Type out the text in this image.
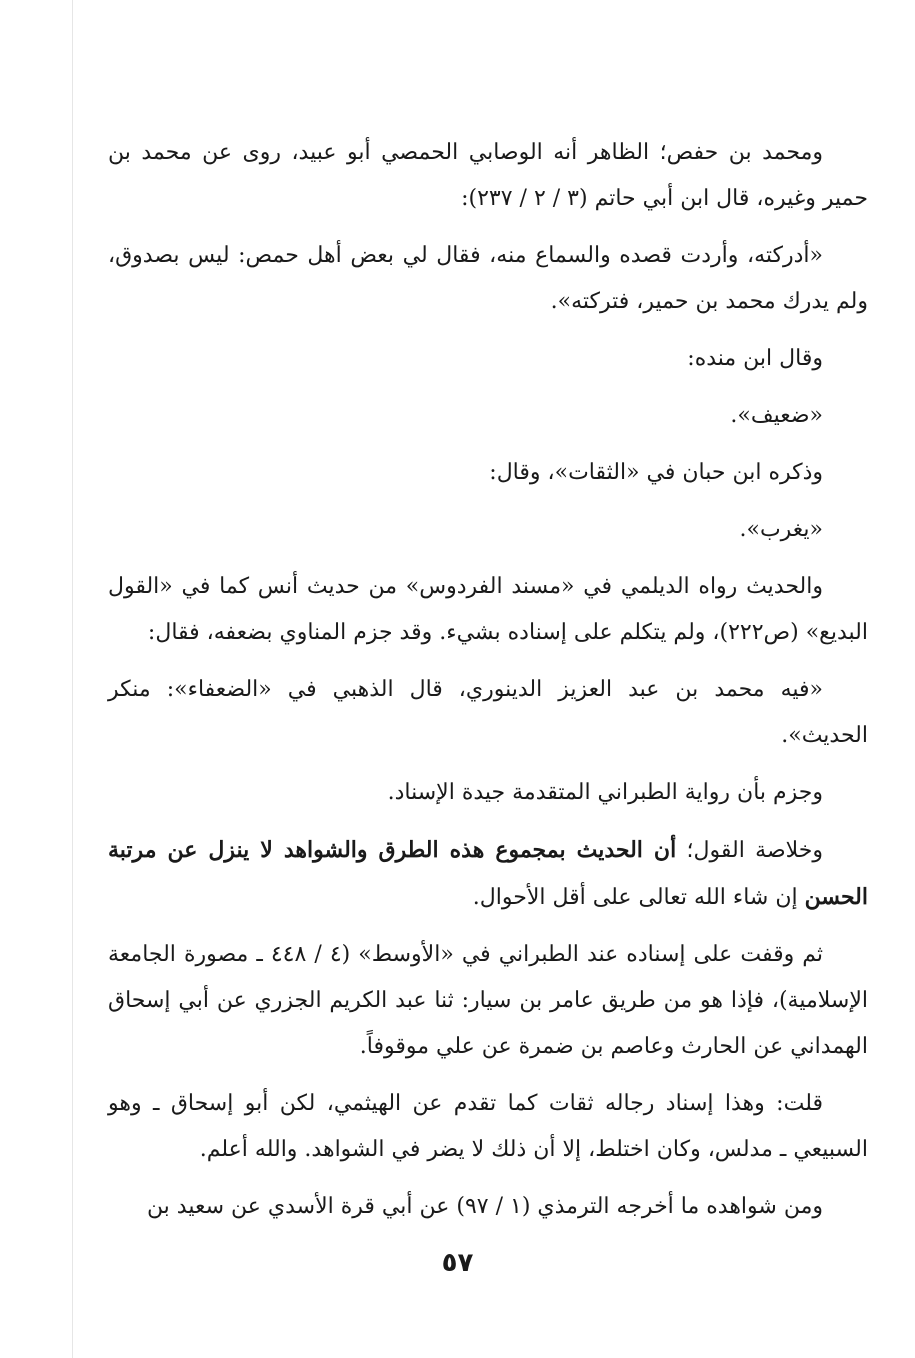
ومحمد بن حفص؛ الظاهر أنه الوصابي الحمصي أبو عبيد، روى عن محمد بن حمير وغيره، قال ابن أبي حاتم (٣ / ٢ / ٢٣٧):

«أدركته، وأردت قصده والسماع منه، فقال لي بعض أهل حمص: ليس بصدوق، ولم يدرك محمد بن حمير، فتركته».

وقال ابن منده:

«ضعيف».

وذكره ابن حبان في «الثقات»، وقال:

«يغرب».

والحديث رواه الديلمي في «مسند الفردوس» من حديث أنس كما في «القول البديع» (ص٢٢٢)، ولم يتكلم على إسناده بشيء. وقد جزم المناوي بضعفه، فقال:

«فيه محمد بن عبد العزيز الدينوري، قال الذهبي في «الضعفاء»: منكر الحديث».

وجزم بأن رواية الطبراني المتقدمة جيدة الإسناد.

وخلاصة القول؛ أن الحديث بمجموع هذه الطرق والشواهد لا ينزل عن مرتبة الحسن إن شاء الله تعالى على أقل الأحوال.

ثم وقفت على إسناده عند الطبراني في «الأوسط» (٤ / ٤٤٨ ـ مصورة الجامعة الإسلامية)، فإذا هو من طريق عامر بن سيار: ثنا عبد الكريم الجزري عن أبي إسحاق الهمداني عن الحارث وعاصم بن ضمرة عن علي موقوفاً.

قلت: وهذا إسناد رجاله ثقات كما تقدم عن الهيثمي، لكن أبو إسحاق ـ وهو السبيعي ـ مدلس، وكان اختلط، إلا أن ذلك لا يضر في الشواهد. والله أعلم.

ومن شواهده ما أخرجه الترمذي (١ / ٩٧) عن أبي قرة الأسدي عن سعيد بن

٥٧
